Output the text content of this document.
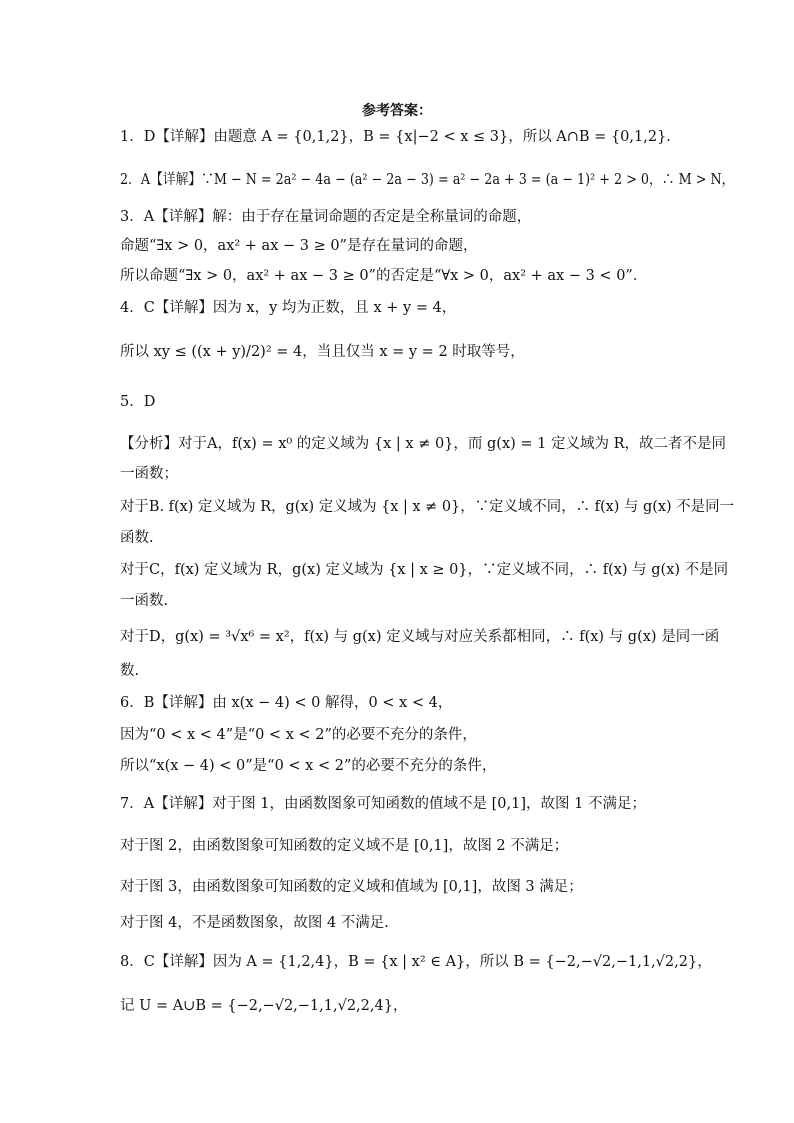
参考答案：
1．D【详解】由题意 A = {0,1,2}，B = {x|−2 < x ≤ 3}，所以 A∩B = {0,1,2}．
2．A【详解】∵M − N = 2a² − 4a − (a² − 2a − 3) = a² − 2a + 3 = (a − 1)² + 2 > 0，∴ M > N，
3．A【详解】解：由于存在量词命题的否定是全称量词的命题，
命题“∃x > 0，ax² + ax − 3 ≥ 0”是存在量词的命题，
所以命题“∃x > 0，ax² + ax − 3 ≥ 0”的否定是“∀x > 0，ax² + ax − 3 < 0”．
4．C【详解】因为 x，y 均为正数，且 x + y = 4，
所以 xy ≤ ((x + y)/2)² = 4，当且仅当 x = y = 2 时取等号，
5．D
【分析】对于A，f(x) = x⁰ 的定义域为 {x | x ≠ 0}，而 g(x) = 1 定义域为 R，故二者不是同
一函数；
对于B. f(x) 定义域为 R，g(x) 定义域为 {x | x ≠ 0}，∵定义域不同，∴ f(x) 与 g(x) 不是同一
函数.
对于C，f(x) 定义域为 R，g(x) 定义域为 {x | x ≥ 0}，∵定义域不同，∴ f(x) 与 g(x) 不是同
一函数.
对于D，g(x) = ³√x⁶ = x²，f(x) 与 g(x) 定义域与对应关系都相同，∴ f(x) 与 g(x) 是同一函
数.
6．B【详解】由 x(x − 4) < 0 解得，0 < x < 4，
因为“0 < x < 4”是“0 < x < 2”的必要不充分的条件，
所以“x(x − 4) < 0”是“0 < x < 2”的必要不充分的条件，
7．A【详解】对于图 1，由函数图象可知函数的值域不是 [0,1]，故图 1 不满足；
对于图 2，由函数图象可知函数的定义域不是 [0,1]，故图 2 不满足；
对于图 3，由函数图象可知函数的定义域和值域为 [0,1]，故图 3 满足；
对于图 4，不是函数图象，故图 4 不满足.
8．C【详解】因为 A = {1,2,4}，B = {x | x² ∈ A}，所以 B = {−2,−√2,−1,1,√2,2}，
记 U = A∪B = {−2,−√2,−1,1,√2,2,4}，
